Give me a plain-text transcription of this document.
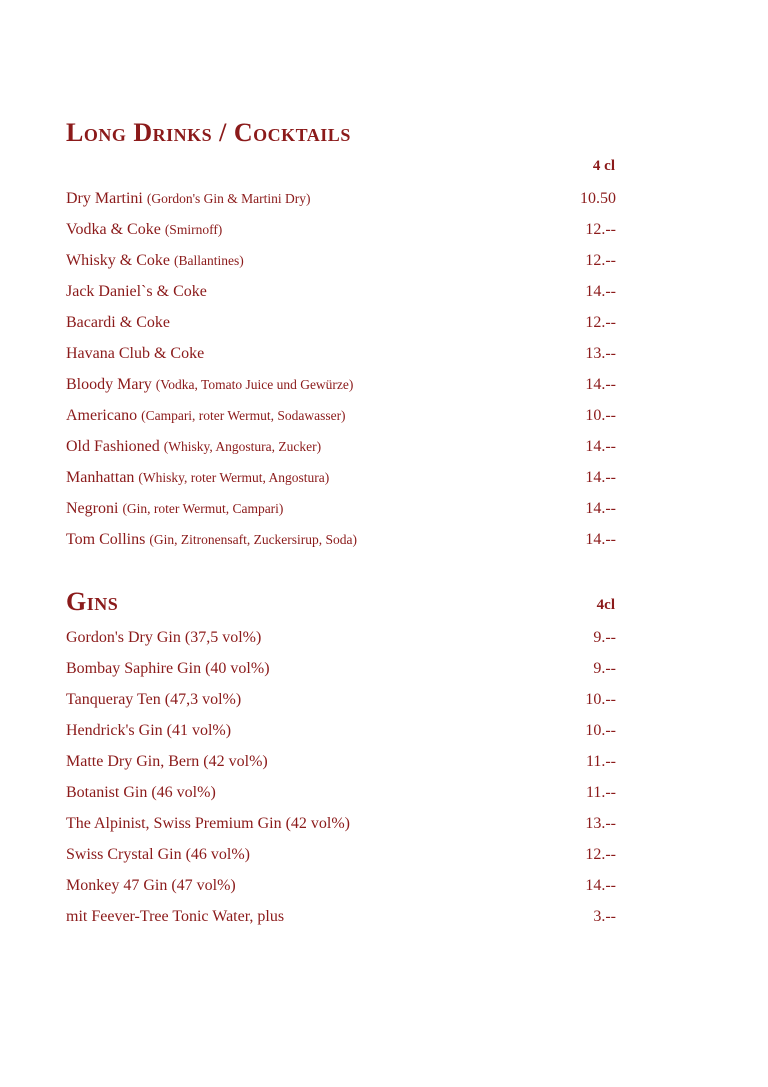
Long Drinks / Cocktails
4 cl
Dry Martini (Gordon's Gin & Martini Dry)	10.50
Vodka & Coke (Smirnoff)	12.--
Whisky & Coke (Ballantines)	12.--
Jack Daniel`s & Coke	14.--
Bacardi & Coke	12.--
Havana Club & Coke	13.--
Bloody Mary (Vodka, Tomato Juice und Gewürze)	14.--
Americano (Campari, roter Wermut, Sodawasser)	10.--
Old Fashioned (Whisky, Angostura, Zucker)	14.--
Manhattan (Whisky, roter Wermut, Angostura)	14.--
Negroni (Gin, roter Wermut, Campari)	14.--
Tom Collins (Gin, Zitronensaft, Zuckersirup, Soda)	14.--
Gins	4cl
Gordon's Dry Gin (37,5 vol%)	9.--
Bombay Saphire Gin (40 vol%)	9.--
Tanqueray Ten (47,3 vol%)	10.--
Hendrick's Gin (41 vol%)	10.--
Matte Dry Gin, Bern (42 vol%)	11.--
Botanist Gin (46 vol%)	11.--
The Alpinist, Swiss Premium Gin (42 vol%)	13.--
Swiss Crystal Gin (46 vol%)	12.--
Monkey 47 Gin (47 vol%)	14.--
mit Feever-Tree Tonic Water, plus	3.--
